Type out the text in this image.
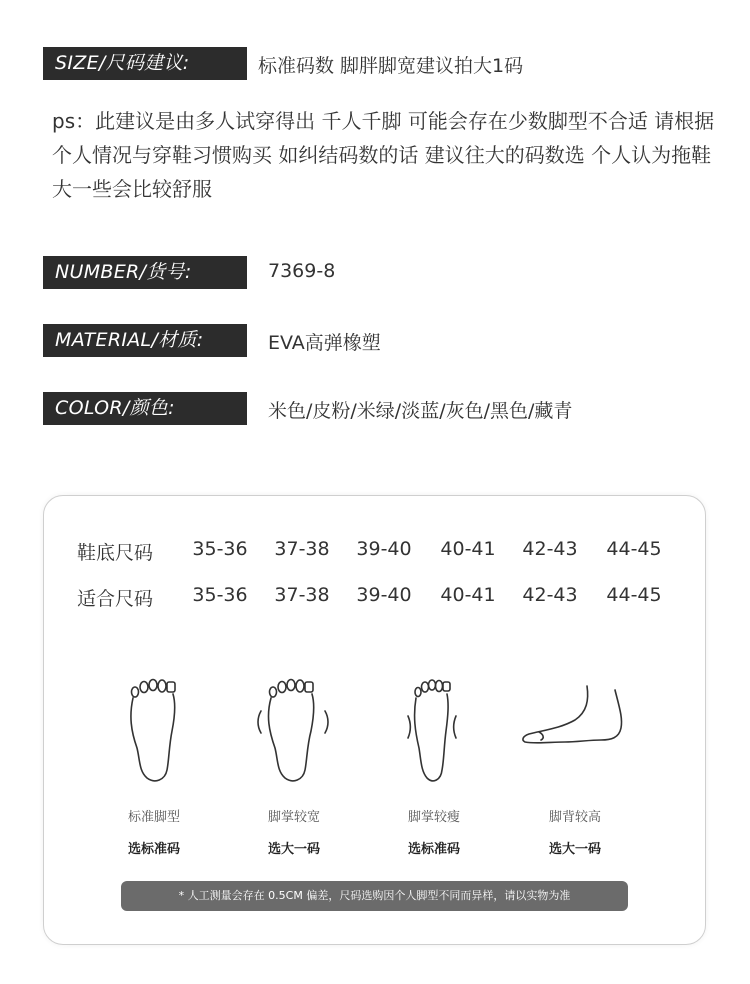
SIZE/尺码建议:	标准码数 脚胖脚宽建议拍大1码
ps：此建议是由多人试穿得出 千人千脚 可能会存在少数脚型不合适 请根据个人情况与穿鞋习惯购买 如纠结码数的话 建议往大的码数选 个人认为拖鞋大一些会比较舒服
NUMBER/货号:	7369-8
MATERIAL/材质:	EVA高弹橡塑
COLOR/颜色:	米色/皮粉/米绿/淡蓝/灰色/黑色/藏青
鞋底尺码	35-36	37-38	39-40	40-41	42-43	44-45
适合尺码	35-36	37-38	39-40	40-41	42-43	44-45
标准脚型
选标准码
脚掌较宽
选大一码
脚掌较瘦
选标准码
脚背较高
选大一码
* 人工测量会存在 0.5CM 偏差，尺码选购因个人脚型不同而异样，请以实物为准
